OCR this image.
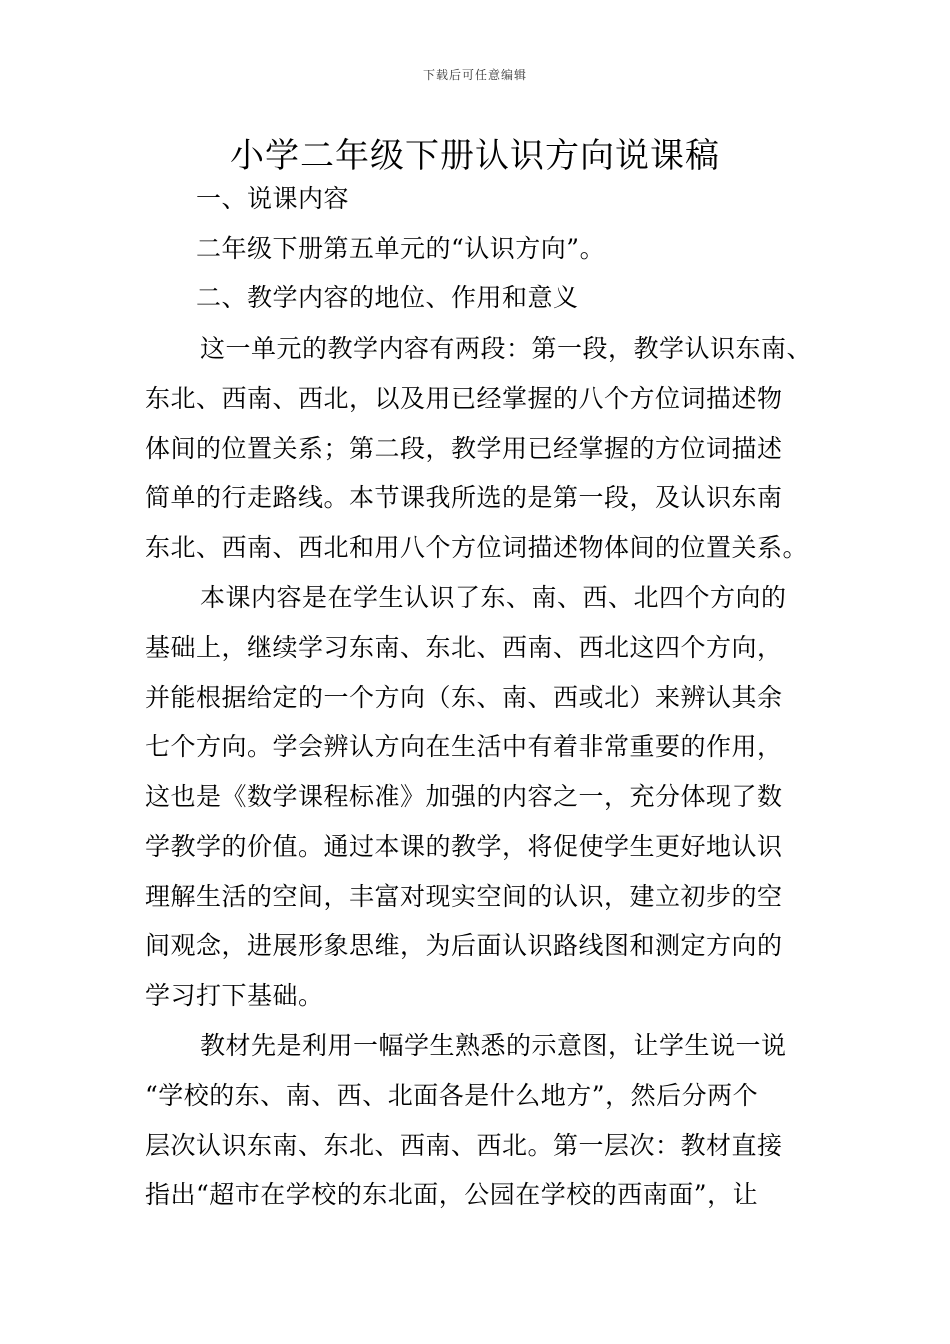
下载后可任意编辑
小学二年级下册认识方向说课稿
一、说课内容
二年级下册第五单元的“认识方向”。
二、教学内容的地位、作用和意义
这一单元的教学内容有两段：第一段，教学认识东南、
东北、西南、西北，以及用已经掌握的八个方位词描述物
体间的位置关系；第二段，教学用已经掌握的方位词描述
简单的行走路线。本节课我所选的是第一段，及认识东南
东北、西南、西北和用八个方位词描述物体间的位置关系。
本课内容是在学生认识了东、南、西、北四个方向的
基础上，继续学习东南、东北、西南、西北这四个方向，
并能根据给定的一个方向（东、南、西或北）来辨认其余
七个方向。学会辨认方向在生活中有着非常重要的作用，
这也是《数学课程标准》加强的内容之一，充分体现了数
学教学的价值。通过本课的教学，将促使学生更好地认识
理解生活的空间，丰富对现实空间的认识，建立初步的空
间观念，进展形象思维，为后面认识路线图和测定方向的
学习打下基础。
教材先是利用一幅学生熟悉的示意图，让学生说一说
“学校的东、南、西、北面各是什么地方”，然后分两个
层次认识东南、东北、西南、西北。第一层次：教材直接
指出“超市在学校的东北面，公园在学校的西南面”，让
